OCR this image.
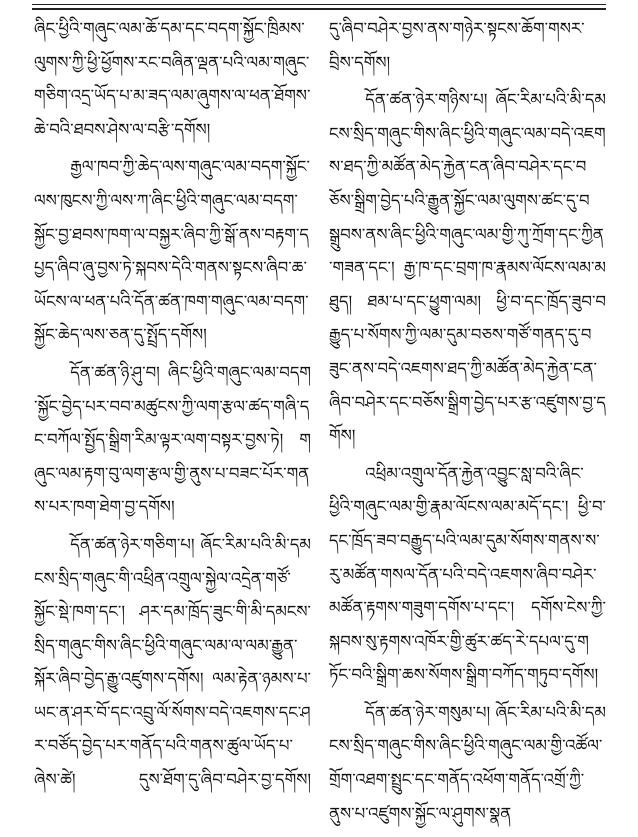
ཞིང་ཕྱིའི་གཞུང་ལམ་ཆོ་དམ་དང་བདག་སྐྱོང་ཁྲིམས་ལུགས་ཀྱི་ཕྱི་ཕྱོགས་རང་བཞིན་ལྡན་པའི་ལམ་གཞུང་གཅིག་འདྲ་ཡོད་པ་མ་ཟད་ལམ་ཞུགས་ལ་ཕན་ཐོགས་ཆེ་བའི་ཐབས་ཤེས་ལ་བརྩི་དགོས།

རྒྱལ་ཁབ་ཀྱི་ཆེད་ལས་གཞུང་ལམ་བདག་སྐྱོང་ལས་ཁུངས་ཀྱི་ལས་ཀ་ཞིང་ཕྱིའི་གཞུང་ལམ་བདག་སྐྱོང་བྱ་ཐབས་ཁག་ལ་བསྐྱར་ཞིབ་ཀྱི་སྒོ་ནས་བརྟག་དཔྱད་ཞིབ་ཞུ་བྱས་ཏེ་སྐབས་དེའི་གནས་སྟངས་ཞིབ་ཆ་ཡོངས་ལ་ཕན་པའི་དོན་ཚན་ཁག་གཞུང་ལམ་བདག་སྐྱོང་ཆེད་ལས་ཅན་དུ་སྤྲོད་དགོས།

དོན་ཚན་ཉི་ཤུ་བ། ཞིང་ཕྱིའི་གཞུང་ལམ་བདག་སྐྱོང་བྱེད་པར་བབ་མཚུངས་ཀྱི་ལག་རྩལ་ཚད་གཞི་དང་བཀོལ་སྤྱོད་སྒྲིག་རིམ་ལྟར་ལག་བསྟར་བྱས་ཏེ། གཞུང་ལམ་རྟག་བུ་ལག་རྩལ་གྱི་ནུས་པ་བཟང་པོར་གནས་པར་ཁག་ཐེག་བྱ་དགོས།

དོན་ཚན་ཉེར་གཅིག་པ། ཞོང་རིམ་པའི་མི་དམངས་སྲིད་གཞུང་གི་འཕྲིན་འགྲུལ་སྐྱེལ་འདྲེན་གཙོ་སྐྱོང་སྡེ་ཁག་དང་། ཤར་དམ་ཁྲོད་ཟུང་གི་མི་དམངས་སྲིད་གཞུང་གིས་ཞིང་ཕྱིའི་གཞུང་ལམ་ལ་ལམ་རྒྱུན་སྐོར་ཞིབ་བྱེད་རྒྱུ་འཛུགས་དགོས། ལམ་རྟེན་ཉམས་པ་ཡང་ན་ཤར་བོ་དང་འབྲུ་ལོ་སོགས་བདེ་འཇགས་དང་ཤར་བཙོད་བྱེད་པར་གནོད་པའི་གནས་ཚུལ་ཡོད་པ་ཞེས་ཚེ། དུས་ཐོག་དུ་ཞིབ་བཤེར་བྱ་དགོས།

དུ་ཞིབ་བཤེར་བྱས་ནས་གཉེར་སྟངས་ཆོག་གསར་བྲིས་དགོས།

དོན་ཚན་ཉེར་གཉིས་པ། ཞོང་རིམ་པའི་མི་དམངས་སྲིད་གཞུང་གིས་ཞིང་ཕྱིའི་གཞུང་ལམ་བདེ་འཇགས་ཐད་ཀྱི་མཚོན་མེད་རྐྱེན་ངན་ཞིབ་བཤེར་དང་བཅོས་སྒྲིག་བྱེད་པའི་རྒྱུན་སྐྱོང་ལམ་ལུགས་ཚང་དུ་བསྒྲུབས་ནས་ཞིང་ཕྱིའི་གཞུང་ལམ་གྱི་ཀུ་ཀྲོག་དང་ཀྱིན་གཟན་དང་། རྒྱ་ཁ་དང་བྲག་ཁ་རྣམས་ལོངས་ལམ་མཐུད། ཐམ་པ་དང་ཕྱུག་ལམ། ཕྱི་བ་དང་ཁྲོད་ཟུབ་བརྒྱུད་པ་སོགས་ཀྱི་ལམ་དུམ་བཅས་གཙོ་གནད་དུ་བཟུང་ནས་བདེ་འཇགས་ཐད་ཀྱི་མཚོན་མེད་རྐྱེན་ངན་ཞིབ་བཤེར་དང་བཅོས་སྒྲིག་བྱེད་པར་རྩ་འཛུགས་བྱ་དགོས།

འཕྲིམ་འགྲུལ་དོན་རྐྱེན་འབྱུང་སླ་བའི་ཞིང་ཕྱིའི་གཞུང་ལམ་གྱི་རྣམ་ལོངས་ལམ་མདོ་དང་། ཕྱི་བ་དང་ཁྲོད་ཟབ་བརྒྱུད་པའི་ལམ་དུམ་སོགས་གནས་ས་རུ་མཚོན་གསལ་དོན་པའི་བདེ་འཇགས་ཞིབ་བཤེར་མཚོན་རྟགས་གཟུག་དགོས་པ་དང་། དགོས་ངེས་ཀྱི་སྐབས་སུ་རྟགས་འཁོར་གྱི་ཚུར་ཚད་རེ་དཔལ་དུ་གཏོང་བའི་སྒྲིག་ཆས་སོགས་སྒྲིག་བཀོད་གཏུབ་དགོས།

དོན་ཚན་ཉེར་གསུམ་པ། ཞོང་རིམ་པའི་མི་དམངས་སྲིད་གཞུང་གིས་ཞིང་ཕྱིའི་གཞུང་ལམ་གྱི་འཚོལ་གྲོག་འཐག་སྤྲུང་དང་གནོད་འཕོག་གནོད་འགྲོ་ཀྱི་ནུས་པ་འཛུགས་སྐྱོང་ལ་ཤུགས་སྣན
